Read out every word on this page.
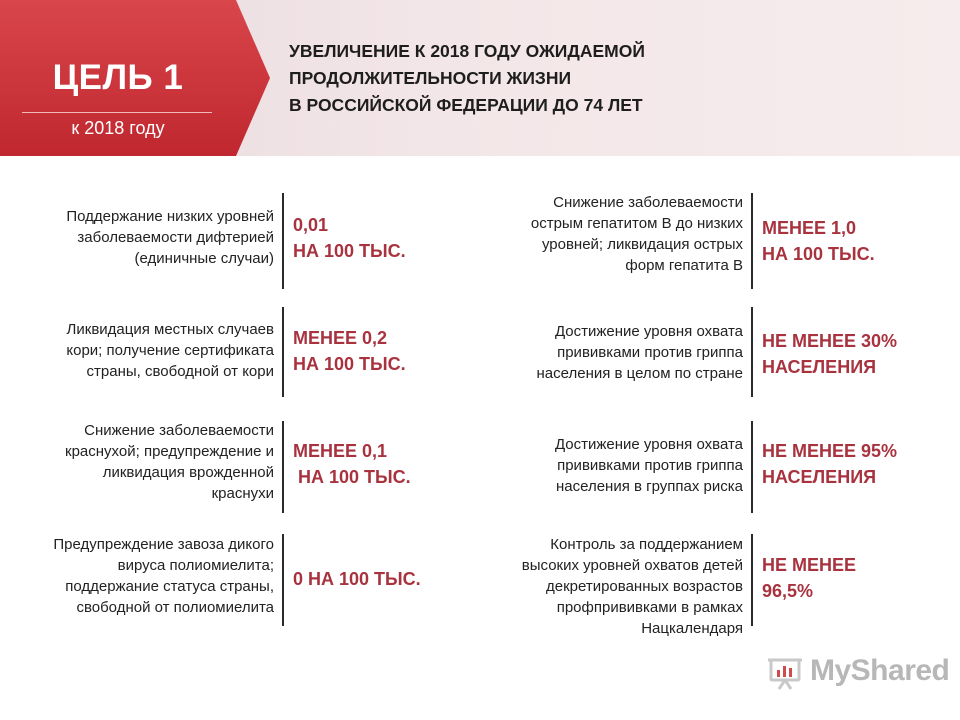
ЦЕЛЬ 1
к 2018 году
УВЕЛИЧЕНИЕ К 2018 ГОДУ ОЖИДАЕМОЙ
ПРОДОЛЖИТЕЛЬНОСТИ ЖИЗНИ
В РОССИЙСКОЙ ФЕДЕРАЦИИ ДО 74 ЛЕТ
Поддержание низких уровней
заболеваемости дифтерией
(единичные случаи)
0,01
НА 100 ТЫС.
Снижение заболеваемости
острым гепатитом В до низких
уровней; ликвидация острых
форм гепатита В
МЕНЕЕ 1,0
НА 100 ТЫС.
Ликвидация местных случаев
кори; получение сертификата
страны, свободной от кори
МЕНЕЕ 0,2
НА 100 ТЫС.
Достижение уровня охвата
прививками против гриппа
населения в целом по стране
НЕ МЕНЕЕ 30%
НАСЕЛЕНИЯ
Снижение заболеваемости
краснухой; предупреждение и
ликвидация врожденной
краснухи
МЕНЕЕ 0,1
НА 100 ТЫС.
Достижение уровня охвата
прививками против гриппа
населения в группах риска
НЕ МЕНЕЕ 95%
НАСЕЛЕНИЯ
Предупреждение завоза дикого
вируса полиомиелита;
поддержание статуса страны,
свободной от полиомиелита
0 НА 100 ТЫС.
Контроль за поддержанием
высоких уровней охватов детей
декретированных возрастов
профпрививками в рамках
Нацкалендаря
НЕ МЕНЕЕ
96,5%
MyShared
